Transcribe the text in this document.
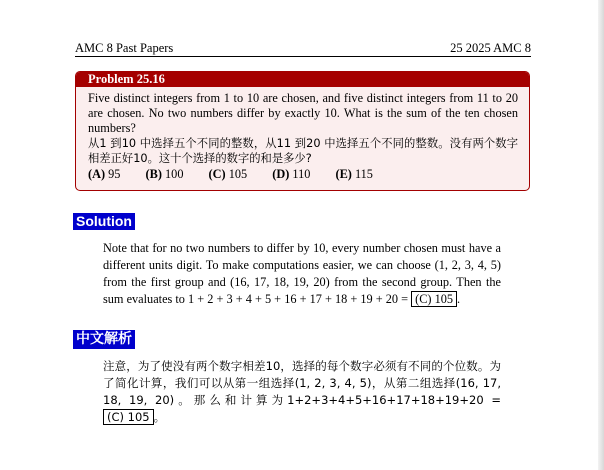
AMC 8 Past Papers	25 2025 AMC 8
Problem 25.16
Five distinct integers from 1 to 10 are chosen, and five distinct integers from 11 to 20 are chosen. No two numbers differ by exactly 10. What is the sum of the ten chosen numbers?
从1 到10 中选择五个不同的整数，从11 到20 中选择五个不同的整数。没有两个数字相差正好10。这十个选择的数字的和是多少?
(A) 95 (B) 100 (C) 105 (D) 110 (E) 115
Solution
Note that for no two numbers to differ by 10, every number chosen must have a different units digit. To make computations easier, we can choose (1, 2, 3, 4, 5) from the first group and (16, 17, 18, 19, 20) from the second group. Then the sum evaluates to 1 + 2 + 3 + 4 + 5 + 16 + 17 + 18 + 19 + 20 = (C) 105 .
中文解析
注意，为了使没有两个数字相差10，选择的每个数字必须有不同的个位数。为了简化计算，我们可以从第一组选择(1, 2, 3, 4, 5)，从第二组选择(16, 17, 18, 19, 20)。那么和计算为1+2+3+4+5+16+17+18+19+20 = (C) 105 。
